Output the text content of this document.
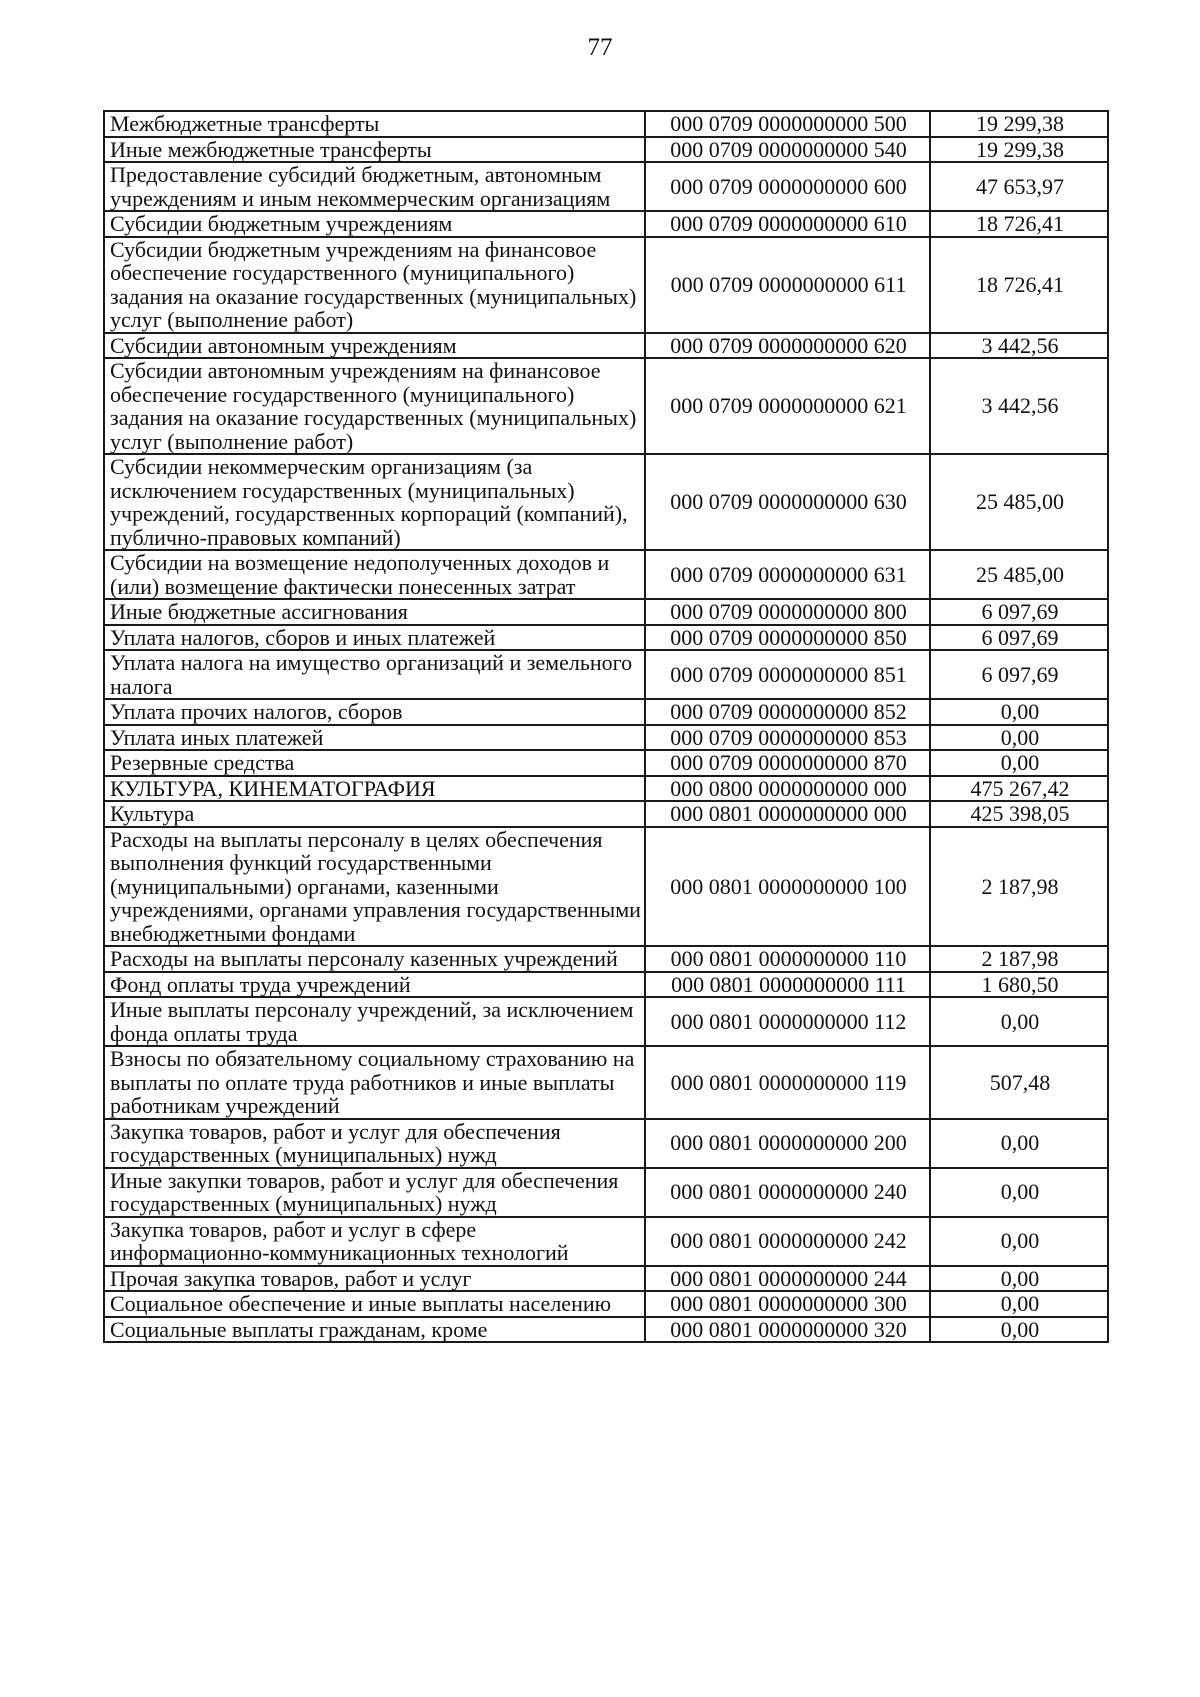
77
Межбюджетные трансферты	000 0709 0000000000 500	19 299,38
Иные межбюджетные трансферты	000 0709 0000000000 540	19 299,38
Предоставление субсидий бюджетным, автономным учреждениям и иным некоммерческим организациям	000 0709 0000000000 600	47 653,97
Субсидии бюджетным учреждениям	000 0709 0000000000 610	18 726,41
Субсидии бюджетным учреждениям на финансовое обеспечение государственного (муниципального) задания на оказание государственных (муниципальных) услуг (выполнение работ)	000 0709 0000000000 611	18 726,41
Субсидии автономным учреждениям	000 0709 0000000000 620	3 442,56
Субсидии автономным учреждениям на финансовое обеспечение государственного (муниципального) задания на оказание государственных (муниципальных) услуг (выполнение работ)	000 0709 0000000000 621	3 442,56
Субсидии некоммерческим организациям (за исключением государственных (муниципальных) учреждений, государственных корпораций (компаний), публично-правовых компаний)	000 0709 0000000000 630	25 485,00
Субсидии на возмещение недополученных доходов и (или) возмещение фактически понесенных затрат	000 0709 0000000000 631	25 485,00
Иные бюджетные ассигнования	000 0709 0000000000 800	6 097,69
Уплата налогов, сборов и иных платежей	000 0709 0000000000 850	6 097,69
Уплата налога на имущество организаций и земельного налога	000 0709 0000000000 851	6 097,69
Уплата прочих налогов, сборов	000 0709 0000000000 852	0,00
Уплата иных платежей	000 0709 0000000000 853	0,00
Резервные средства	000 0709 0000000000 870	0,00
КУЛЬТУРА, КИНЕМАТОГРАФИЯ	000 0800 0000000000 000	475 267,42
Культура	000 0801 0000000000 000	425 398,05
Расходы на выплаты персоналу в целях обеспечения выполнения функций государственными (муниципальными) органами, казенными учреждениями, органами управления государственными внебюджетными фондами	000 0801 0000000000 100	2 187,98
Расходы на выплаты персоналу казенных учреждений	000 0801 0000000000 110	2 187,98
Фонд оплаты труда учреждений	000 0801 0000000000 111	1 680,50
Иные выплаты персоналу учреждений, за исключением фонда оплаты труда	000 0801 0000000000 112	0,00
Взносы по обязательному социальному страхованию на выплаты по оплате труда работников и иные выплаты работникам учреждений	000 0801 0000000000 119	507,48
Закупка товаров, работ и услуг для обеспечения государственных (муниципальных) нужд	000 0801 0000000000 200	0,00
Иные закупки товаров, работ и услуг для обеспечения государственных (муниципальных) нужд	000 0801 0000000000 240	0,00
Закупка товаров, работ и услуг в сфере информационно-коммуникационных технологий	000 0801 0000000000 242	0,00
Прочая закупка товаров, работ и услуг	000 0801 0000000000 244	0,00
Социальное обеспечение и иные выплаты населению	000 0801 0000000000 300	0,00
Социальные выплаты гражданам, кроме	000 0801 0000000000 320	0,00
